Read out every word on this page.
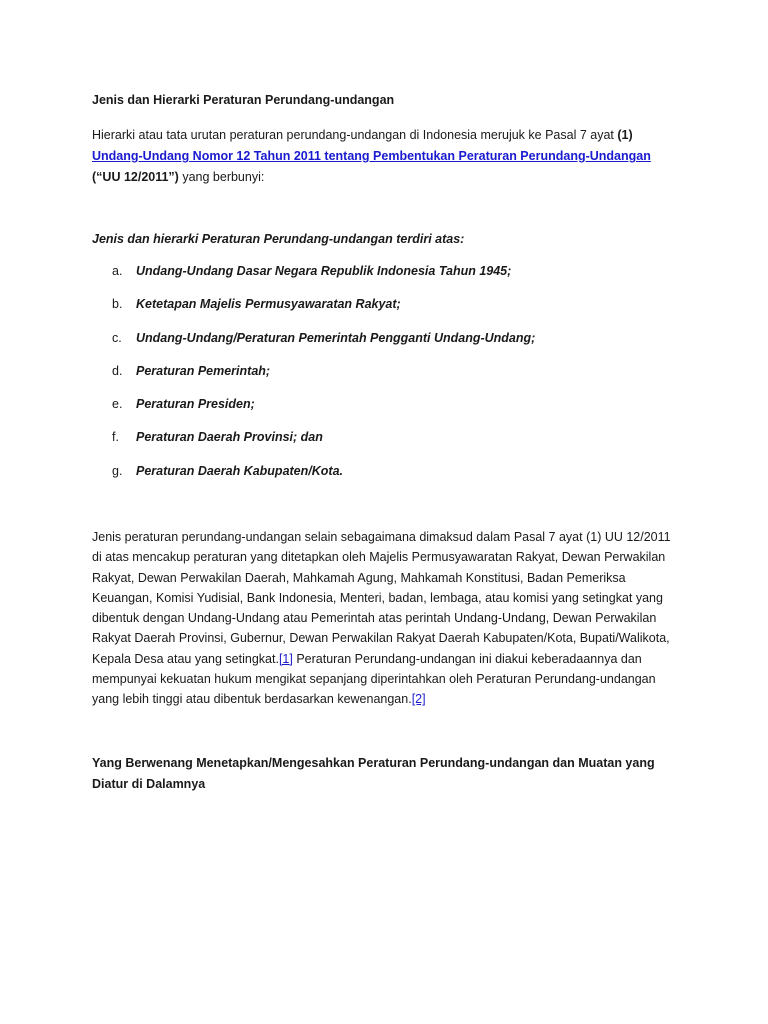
Jenis dan Hierarki Peraturan Perundang-undangan
Hierarki atau tata urutan peraturan perundang-undangan di Indonesia merujuk ke Pasal 7 ayat (1) Undang-Undang Nomor 12 Tahun 2011 tentang Pembentukan Peraturan Perundang-Undangan (“UU 12/2011”) yang berbunyi:
Jenis dan hierarki Peraturan Perundang-undangan terdiri atas:
a.	Undang-Undang Dasar Negara Republik Indonesia Tahun 1945;
b.	Ketetapan Majelis Permusyawaratan Rakyat;
c.	Undang-Undang/Peraturan Pemerintah Pengganti Undang-Undang;
d.	Peraturan Pemerintah;
e.	Peraturan Presiden;
f.	Peraturan Daerah Provinsi; dan
g.	Peraturan Daerah Kabupaten/Kota.
Jenis peraturan perundang-undangan selain sebagaimana dimaksud dalam Pasal 7 ayat (1) UU 12/2011 di atas mencakup peraturan yang ditetapkan oleh Majelis Permusyawaratan Rakyat, Dewan Perwakilan Rakyat, Dewan Perwakilan Daerah, Mahkamah Agung, Mahkamah Konstitusi, Badan Pemeriksa Keuangan, Komisi Yudisial, Bank Indonesia, Menteri, badan, lembaga, atau komisi yang setingkat yang dibentuk dengan Undang-Undang atau Pemerintah atas perintah Undang-Undang, Dewan Perwakilan Rakyat Daerah Provinsi, Gubernur, Dewan Perwakilan Rakyat Daerah Kabupaten/Kota, Bupati/Walikota, Kepala Desa atau yang setingkat.[1] Peraturan Perundang-undangan ini diakui keberadaannya dan mempunyai kekuatan hukum mengikat sepanjang diperintahkan oleh Peraturan Perundang-undangan yang lebih tinggi atau dibentuk berdasarkan kewenangan.[2]
Yang Berwenang Menetapkan/Mengesahkan Peraturan Perundang-undangan dan Muatan yang Diatur di Dalamnya
